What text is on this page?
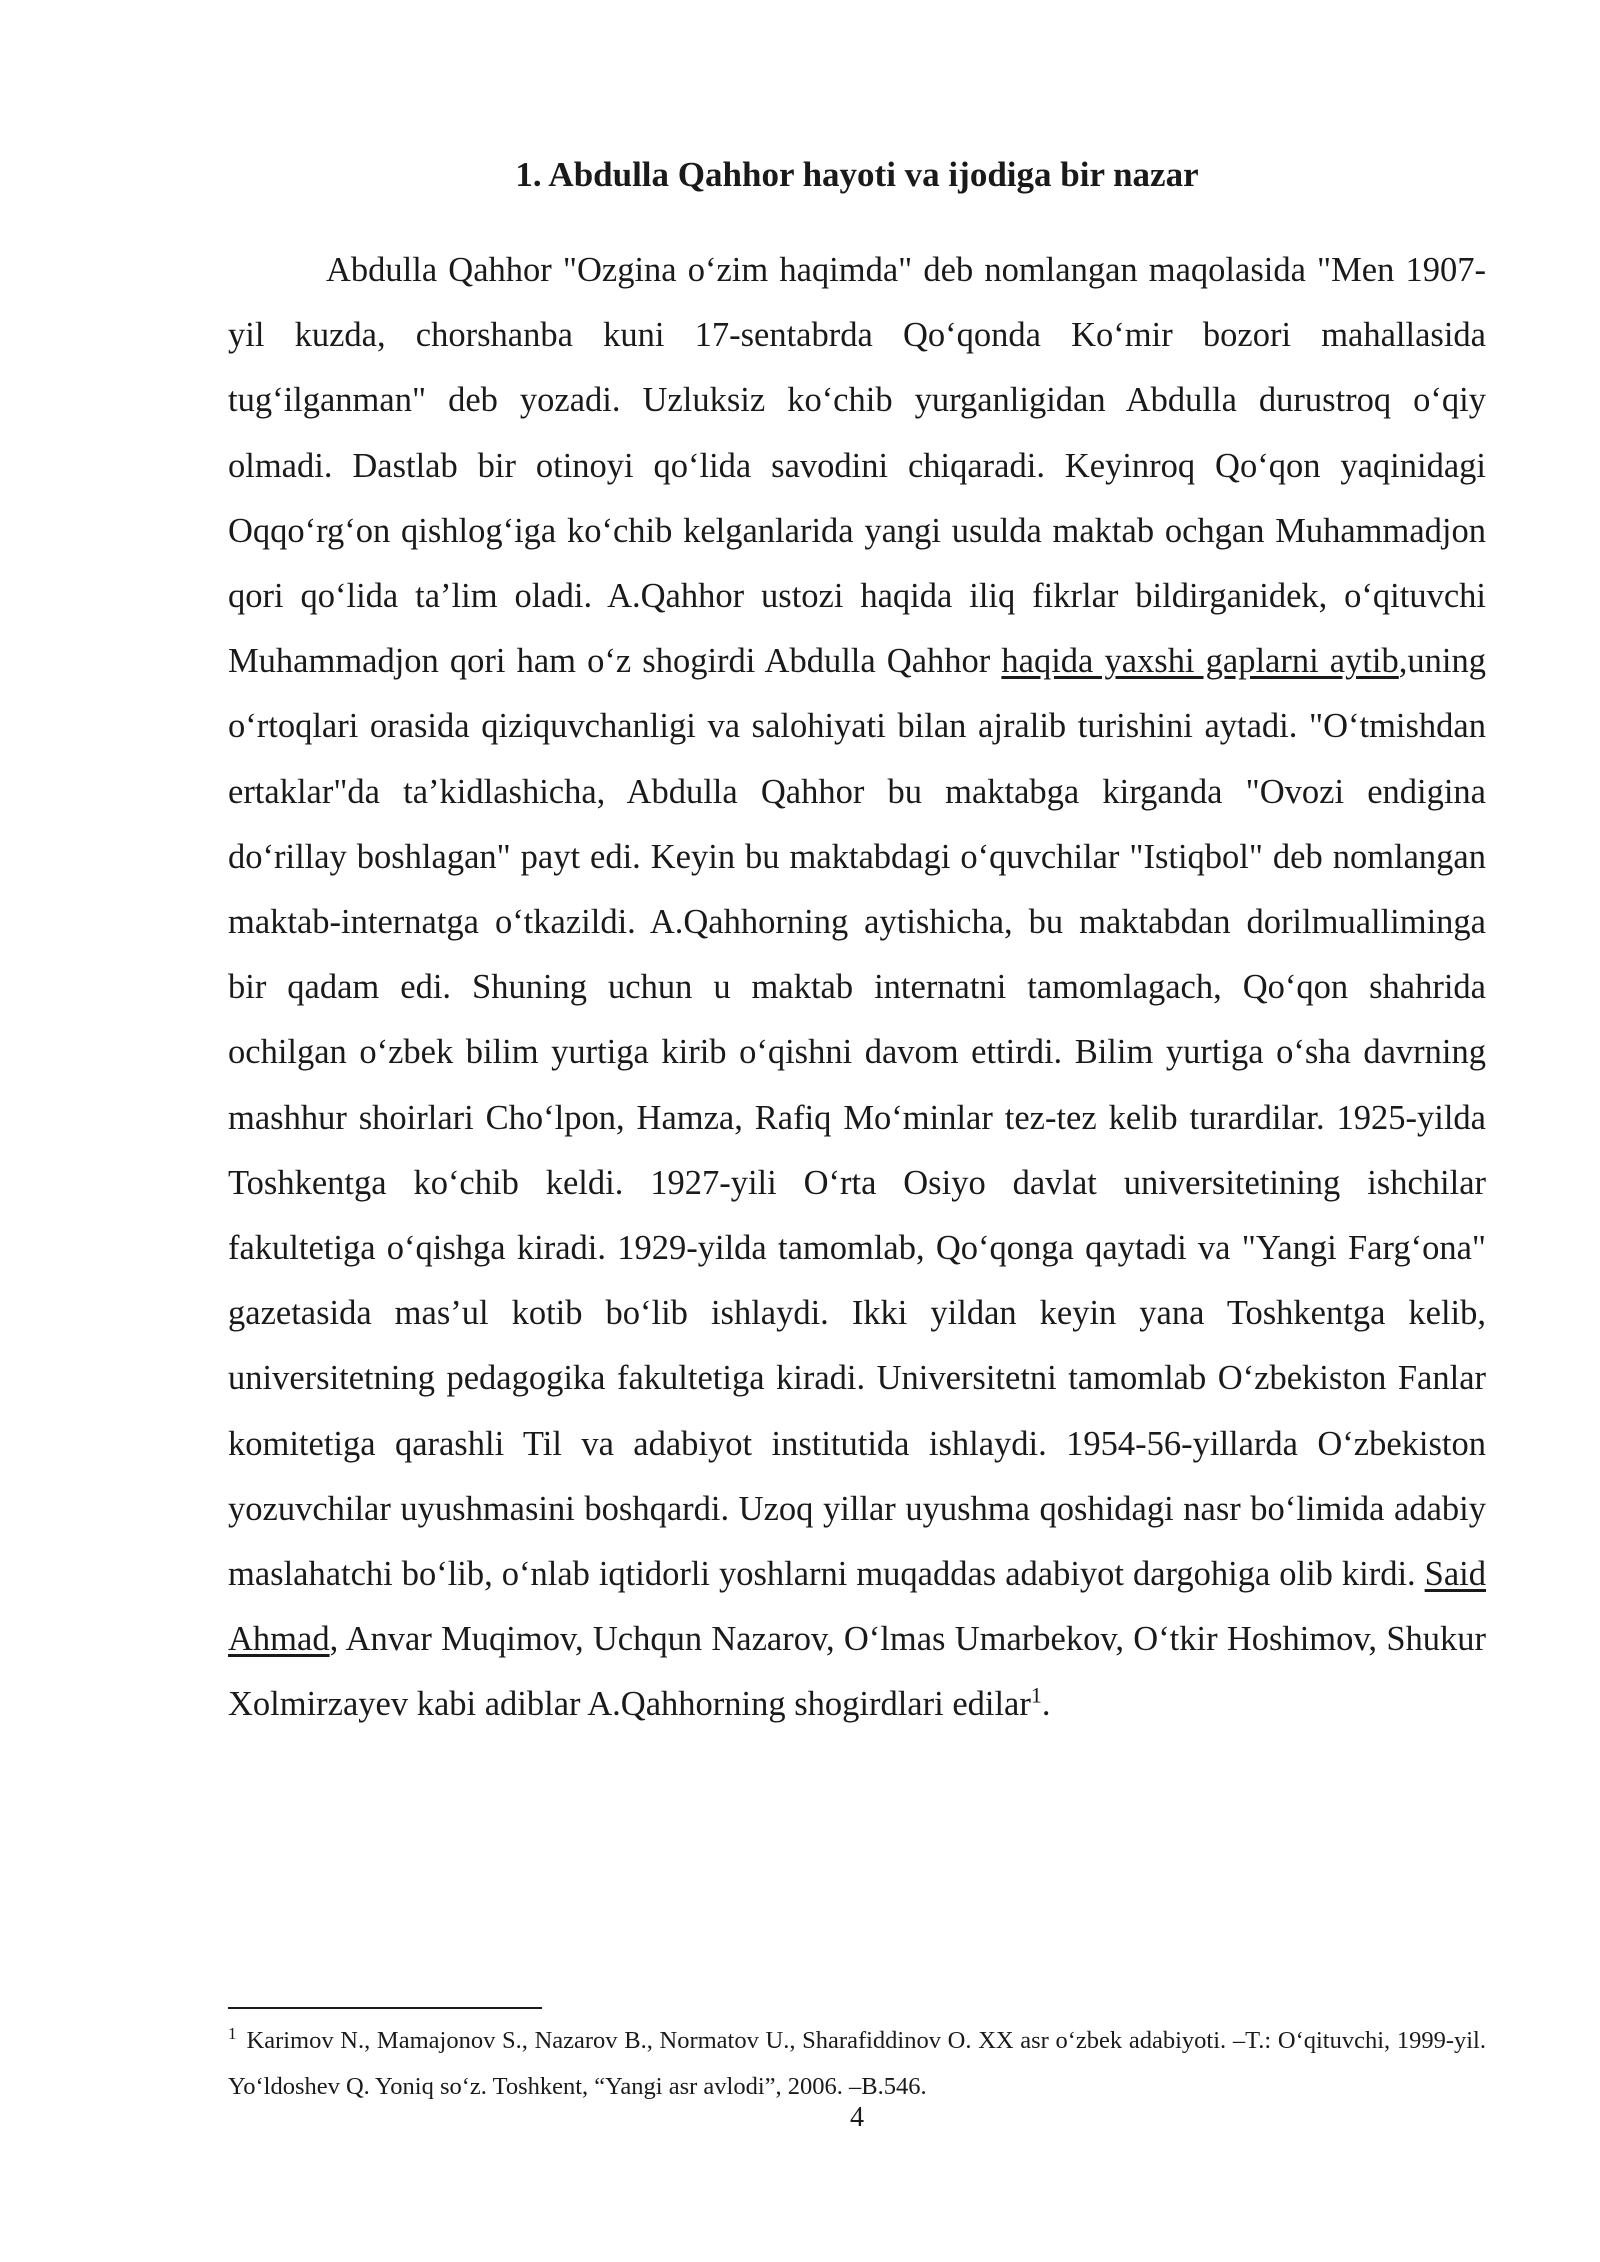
1. Abdulla Qahhor hayoti va ijodiga bir nazar

Abdulla Qahhor "Ozgina o‘zim haqimda" deb nomlangan maqolasida "Men 1907-yil kuzda, chorshanba kuni 17-sentabrda Qo‘qonda Ko‘mir bozori mahallasida tug‘ilganman" deb yozadi. Uzluksiz ko‘chib yurganligidan Abdulla durustroq o‘qiy olmadi. Dastlab bir otinoyi qo‘lida savodini chiqaradi. Keyinroq Qo‘qon yaqinidagi Oqqo‘rg‘on qishlog‘iga ko‘chib kelganlarida yangi usulda maktab ochgan Muhammadjon qori qo‘lida ta’lim oladi. A.Qahhor ustozi haqida iliq fikrlar bildirganidek, o‘qituvchi Muhammadjon qori ham o‘z shogirdi Abdulla Qahhor haqida yaxshi gaplarni aytib,uning o‘rtoqlari orasida qiziquvchanligi va salohiyati bilan ajralib turishini aytadi. "O‘tmishdan ertaklar"da ta’kidlashicha, Abdulla Qahhor bu maktabga kirganda "Ovozi endigina do‘rillay boshlagan" payt edi. Keyin bu maktabdagi o‘quvchilar "Istiqbol" deb nomlangan maktab-internatga o‘tkazildi. A.Qahhorning aytishicha, bu maktabdan dorilmualliminga bir qadam edi. Shuning uchun u maktab internatni tamomlagach, Qo‘qon shahrida ochilgan o‘zbek bilim yurtiga kirib o‘qishni davom ettirdi. Bilim yurtiga o‘sha davrning mashhur shoirlari Cho‘lpon, Hamza, Rafiq Mo‘minlar tez-tez kelib turardilar. 1925-yilda Toshkentga ko‘chib keldi. 1927-yili O‘rta Osiyo davlat universitetining ishchilar fakultetiga o‘qishga kiradi. 1929-yilda tamomlab, Qo‘qonga qaytadi va "Yangi Farg‘ona" gazetasida mas’ul kotib bo‘lib ishlaydi. Ikki yildan keyin yana Toshkentga kelib, universitetning pedagogika fakultetiga kiradi. Universitetni tamomlab O‘zbekiston Fanlar komitetiga qarashli Til va adabiyot institutida ishlaydi. 1954-56-yillarda O‘zbekiston yozuvchilar uyushmasini boshqardi. Uzoq yillar uyushma qoshidagi nasr bo‘limida adabiy maslahatchi bo‘lib, o‘nlab iqtidorli yoshlarni muqaddas adabiyot dargohiga olib kirdi. Said Ahmad, Anvar Muqimov, Uchqun Nazarov, O‘lmas Umarbekov, O‘tkir Hoshimov, Shukur Xolmirzayev kabi adiblar A.Qahhorning shogirdlari edilar$^1$.

$^1$ Karimov N., Mamajonov S., Nazarov B., Normatov U., Sharafiddinov O. XX asr o‘zbek adabiyoti. –T.: O‘qituvchi, 1999-yil. Yo‘ldoshev Q. Yoniq so‘z. Toshkent, “Yangi asr avlodi”, 2006. –B.546.

4
